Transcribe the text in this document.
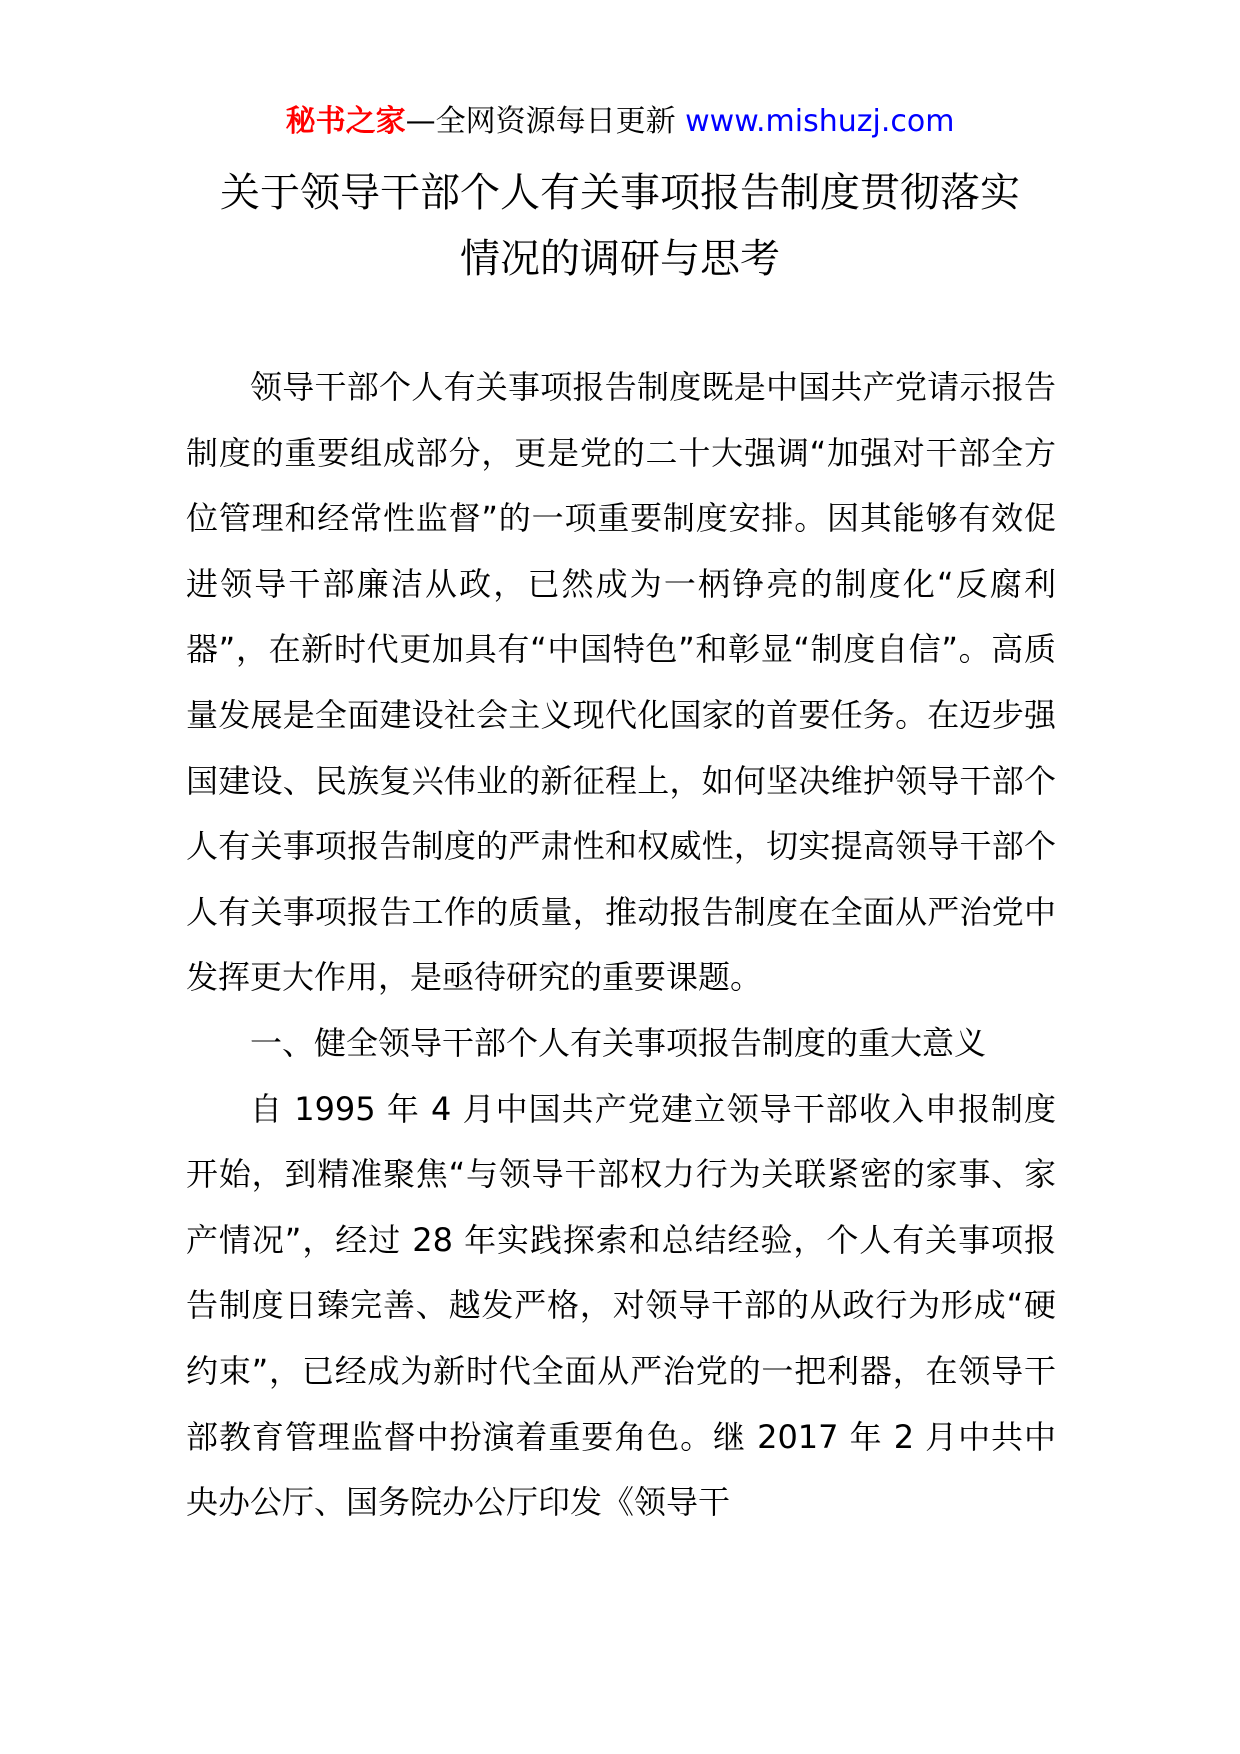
秘书之家—全网资源每日更新 www.mishuzj.com
关于领导干部个人有关事项报告制度贯彻落实
情况的调研与思考

领导干部个人有关事项报告制度既是中国共产党请示报告制度的重要组成部分，更是党的二十大强调“加强对干部全方位管理和经常性监督”的一项重要制度安排。因其能够有效促进领导干部廉洁从政，已然成为一柄铮亮的制度化“反腐利器”，在新时代更加具有“中国特色”和彰显“制度自信”。高质量发展是全面建设社会主义现代化国家的首要任务。在迈步强国建设、民族复兴伟业的新征程上，如何坚决维护领导干部个人有关事项报告制度的严肃性和权威性，切实提高领导干部个人有关事项报告工作的质量，推动报告制度在全面从严治党中发挥更大作用，是亟待研究的重要课题。

一、健全领导干部个人有关事项报告制度的重大意义

自 1995 年 4 月中国共产党建立领导干部收入申报制度开始，到精准聚焦“与领导干部权力行为关联紧密的家事、家产情况”，经过 28 年实践探索和总结经验，个人有关事项报告制度日臻完善、越发严格，对领导干部的从政行为形成“硬约束”，已经成为新时代全面从严治党的一把利器，在领导干部教育管理监督中扮演着重要角色。继 2017 年 2 月中共中央办公厅、国务院办公厅印发《领导干
